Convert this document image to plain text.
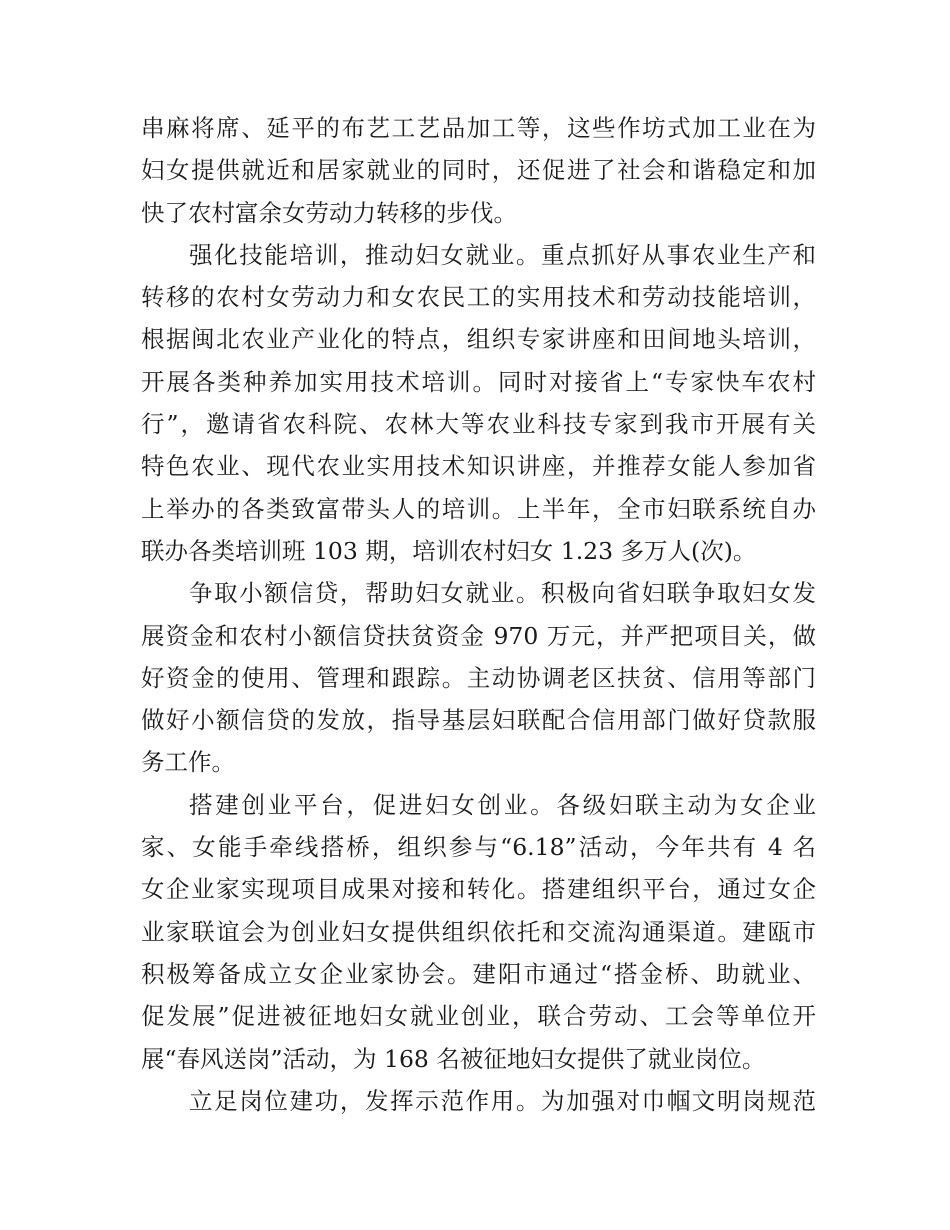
串麻将席、延平的布艺工艺品加工等，这些作坊式加工业在为
妇女提供就近和居家就业的同时，还促进了社会和谐稳定和加
快了农村富余女劳动力转移的步伐。
强化技能培训，推动妇女就业。重点抓好从事农业生产和
转移的农村女劳动力和女农民工的实用技术和劳动技能培训，
根据闽北农业产业化的特点，组织专家讲座和田间地头培训，
开展各类种养加实用技术培训。同时对接省上“专家快车农村
行”，邀请省农科院、农林大等农业科技专家到我市开展有关
特色农业、现代农业实用技术知识讲座，并推荐女能人参加省
上举办的各类致富带头人的培训。上半年，全市妇联系统自办
联办各类培训班 103 期，培训农村妇女 1.23 多万人(次)。
争取小额信贷，帮助妇女就业。积极向省妇联争取妇女发
展资金和农村小额信贷扶贫资金 970 万元，并严把项目关，做
好资金的使用、管理和跟踪。主动协调老区扶贫、信用等部门
做好小额信贷的发放，指导基层妇联配合信用部门做好贷款服
务工作。
搭建创业平台，促进妇女创业。各级妇联主动为女企业
家、女能手牵线搭桥，组织参与“6.18”活动，今年共有 4 名
女企业家实现项目成果对接和转化。搭建组织平台，通过女企
业家联谊会为创业妇女提供组织依托和交流沟通渠道。建瓯市
积极筹备成立女企业家协会。建阳市通过“搭金桥、助就业、
促发展”促进被征地妇女就业创业，联合劳动、工会等单位开
展“春风送岗”活动，为 168 名被征地妇女提供了就业岗位。
立足岗位建功，发挥示范作用。为加强对巾帼文明岗规范
